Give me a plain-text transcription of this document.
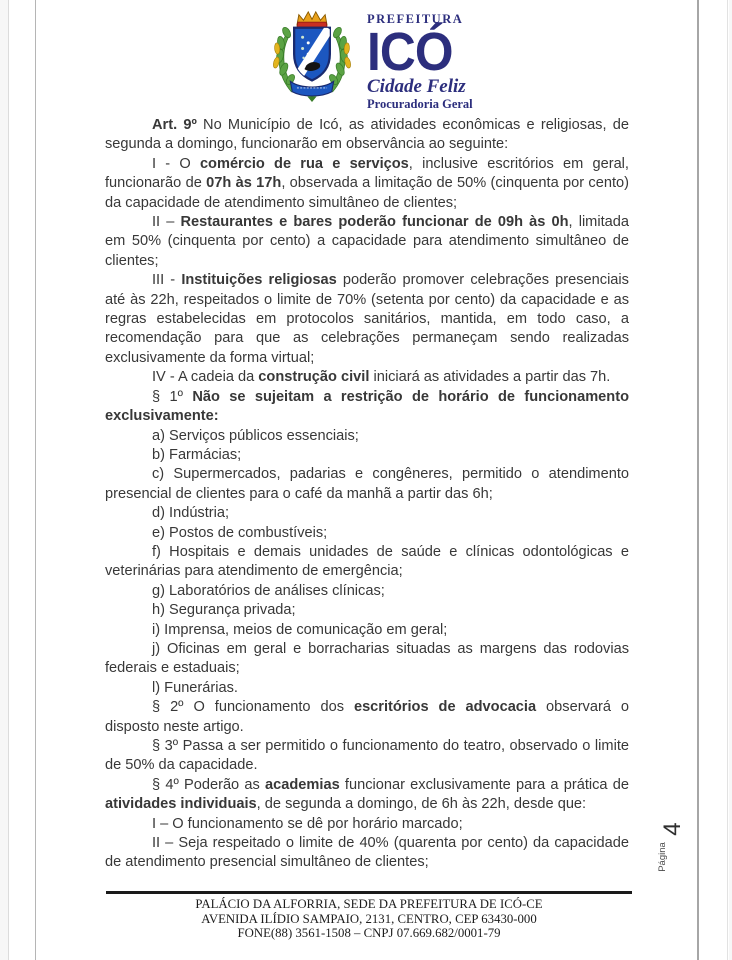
PREFEITURA
ICÓ
Cidade Feliz
Procuradoria Geral

Art. 9º No Município de Icó, as atividades econômicas e religiosas, de segunda a domingo, funcionarão em observância ao seguinte:

I - O comércio de rua e serviços, inclusive escritórios em geral, funcionarão de 07h às 17h, observada a limitação de 50% (cinquenta por cento) da capacidade de atendimento simultâneo de clientes;

II – Restaurantes e bares poderão funcionar de 09h às 0h, limitada em 50% (cinquenta por cento) a capacidade para atendimento simultâneo de clientes;

III - Instituições religiosas poderão promover celebrações presenciais até às 22h, respeitados o limite de 70% (setenta por cento) da capacidade e as regras estabelecidas em protocolos sanitários, mantida, em todo caso, a recomendação para que as celebrações permaneçam sendo realizadas exclusivamente da forma virtual;

IV - A cadeia da construção civil iniciará as atividades a partir das 7h.

§ 1º Não se sujeitam a restrição de horário de funcionamento exclusivamente:

a) Serviços públicos essenciais;

b) Farmácias;

c) Supermercados, padarias e congêneres, permitido o atendimento presencial de clientes para o café da manhã a partir das 6h;

d) Indústria;

e) Postos de combustíveis;

f) Hospitais e demais unidades de saúde e clínicas odontológicas e veterinárias para atendimento de emergência;

g) Laboratórios de análises clínicas;

h) Segurança privada;

i) Imprensa, meios de comunicação em geral;

j) Oficinas em geral e borracharias situadas as margens das rodovias federais e estaduais;

l) Funerárias.

§ 2º O funcionamento dos escritórios de advocacia observará o disposto neste artigo.

§ 3º Passa a ser permitido o funcionamento do teatro, observado o limite de 50% da capacidade.

§ 4º Poderão as academias funcionar exclusivamente para a prática de atividades individuais, de segunda a domingo, de 6h às 22h, desde que:

I – O funcionamento se dê por horário marcado;

II – Seja respeitado o limite de 40% (quarenta por cento) da capacidade de atendimento presencial simultâneo de clientes;	Página
4
PALÁCIO DA ALFORRIA, SEDE DA PREFEITURA DE ICÓ-CE
AVENIDA ILÍDIO SAMPAIO, 2131, CENTRO, CEP 63430-000
FONE(88) 3561-1508 – CNPJ 07.669.682/0001-79
